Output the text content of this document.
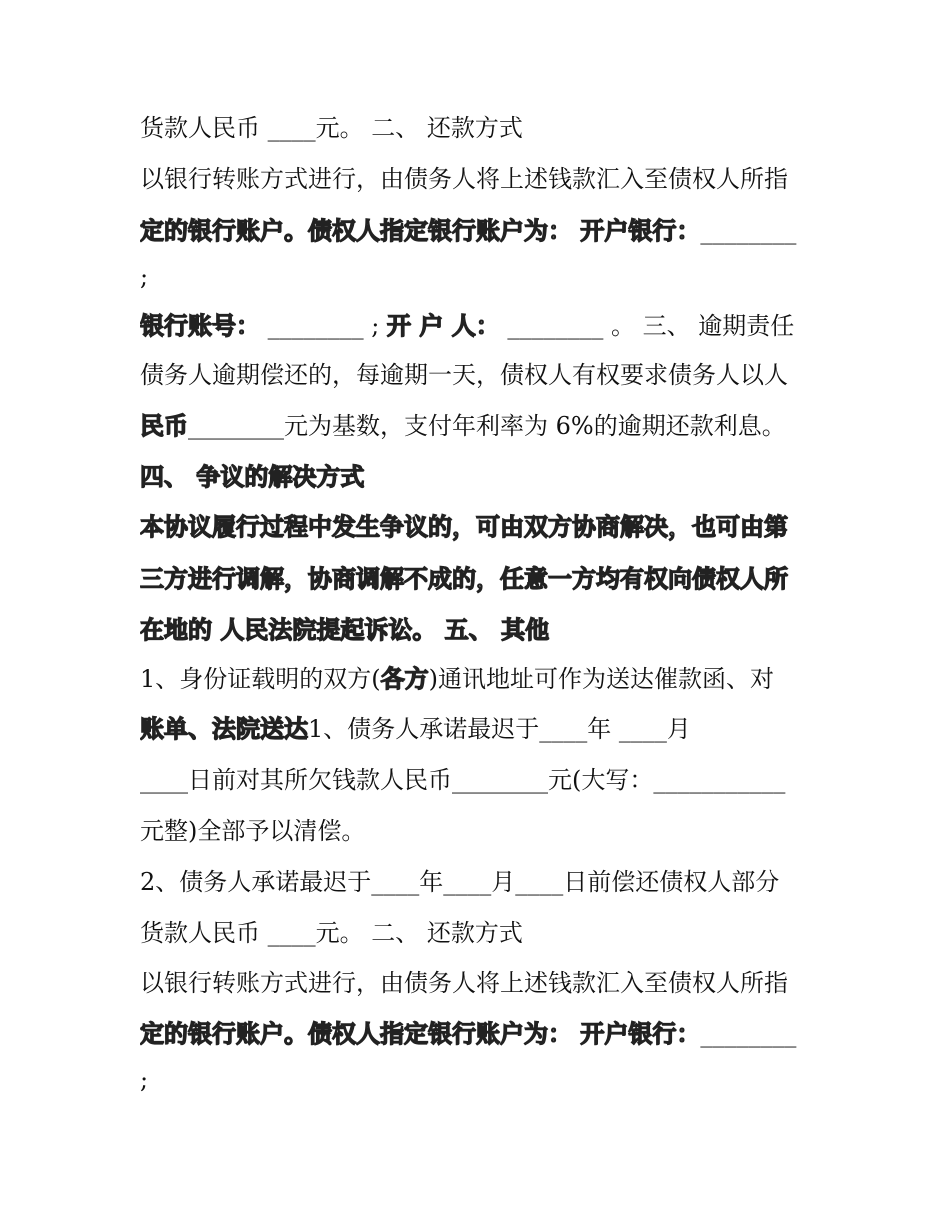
货款人民币 ____元。 二、 还款方式
以银行转账方式进行，由债务人将上述钱款汇入至债权人所指
定的银行账户。债权人指定银行账户为： 开户银行：________
;
银行账号： ________ ; 开 户 人： ________ 。 三、 逾期责任
债务人逾期偿还的，每逾期一天，债权人有权要求债务人以人
民币________元为基数，支付年利率为 6%的逾期还款利息。
四、 争议的解决方式
本协议履行过程中发生争议的，可由双方协商解决，也可由第
三方进行调解，协商调解不成的，任意一方均有权向债权人所
在地的 人民法院提起诉讼。 五、 其他
1、身份证载明的双方(各方)通讯地址可作为送达催款函、对
账单、法院送达1、债务人承诺最迟于____年 ____月
____日前对其所欠钱款人民币________元(大写：___________
元整)全部予以清偿。
2、债务人承诺最迟于____年____月____日前偿还债权人部分
货款人民币 ____元。 二、 还款方式
以银行转账方式进行，由债务人将上述钱款汇入至债权人所指
定的银行账户。债权人指定银行账户为： 开户银行：________
;
